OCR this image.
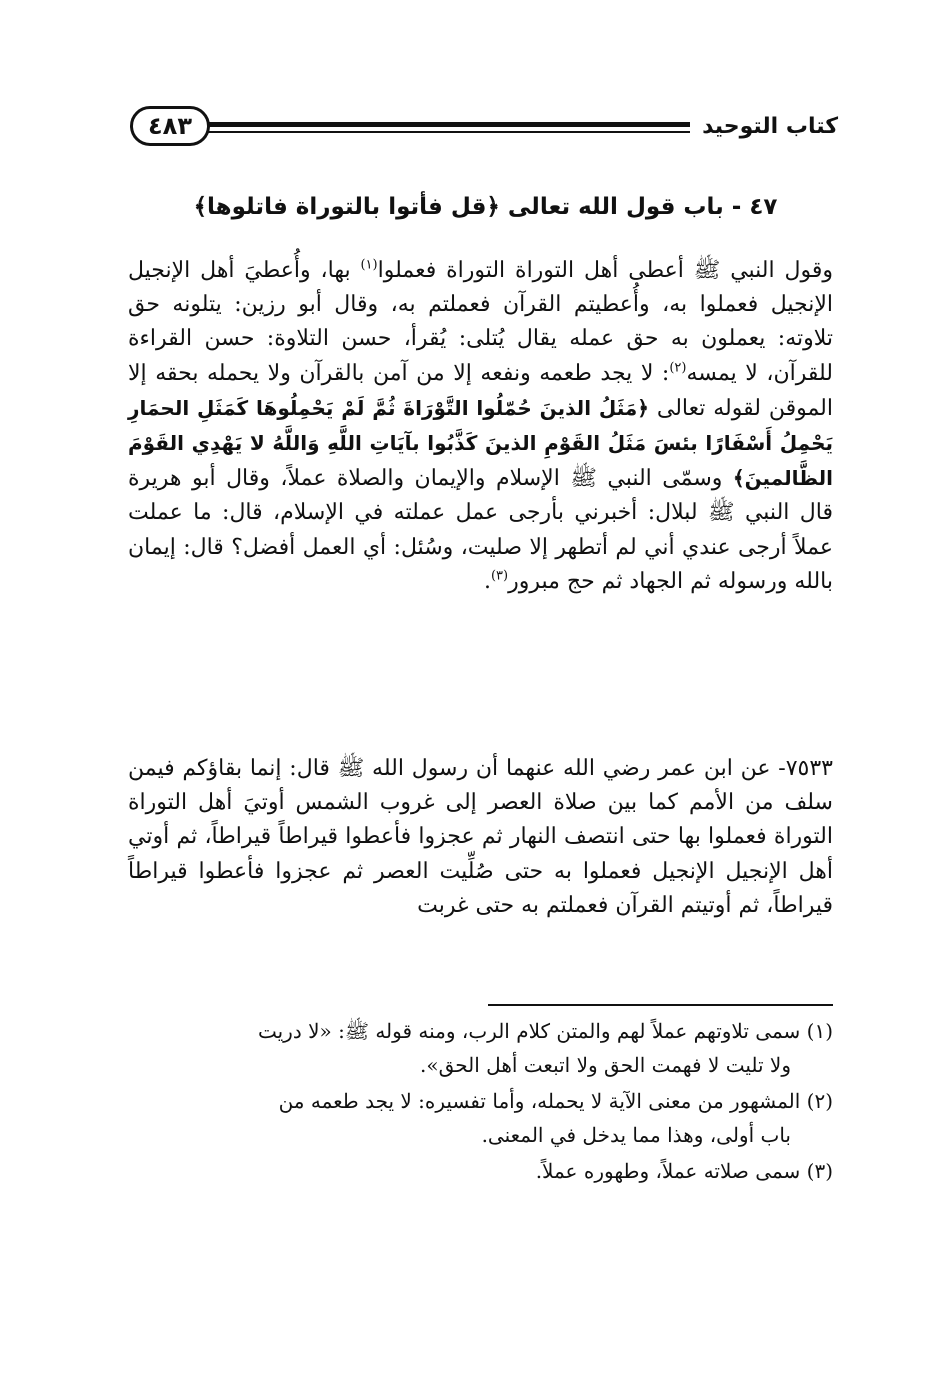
كتاب التوحيد
٤٨٣
٤٧ - باب قول الله تعالى ﴿قل فأتوا بالتوراة فاتلوها﴾

وقول النبي ﷺ أعطى أهل التوراة التوراة فعملوا$^{(١)}$ بها، وأُعطيَ أهل الإنجيل الإنجيل فعملوا به، وأُعطيتم القرآن فعملتم به، وقال أبو رزين: يتلونه حق تلاوته: يعملون به حق عمله يقال يُتلى: يُقرأ، حسن التلاوة: حسن القراءة للقرآن، لا يمسه$^{(٢)}$: لا يجد طعمه ونفعه إلا من آمن بالقرآن ولا يحمله بحقه إلا الموقن لقوله تعالى ﴿مَثَلُ الذينَ حُمّلُوا التَّوْرَاةَ ثُمَّ لَمْ يَحْمِلُوهَا كَمَثَلِ الحمَارِ يَحْمِلُ أَسْفَارًا بئسَ مَثَلُ القَوْمِ الذينَ كَذَّبُوا بآيَاتِ اللَّهِ وَاللَّهُ لا يَهْدِي القَوْمَ الظَّالمينَ﴾ وسمّى النبي ﷺ الإسلام والإيمان والصلاة عملاً، وقال أبو هريرة قال النبي ﷺ لبلال: أخبرني بأرجى عمل عملته في الإسلام، قال: ما عملت عملاً أرجى عندي أني لم أتطهر إلا صليت، وسُئل: أي العمل أفضل؟ قال: إيمان بالله ورسوله ثم الجهاد ثم حج مبرور$^{(٣)}$.

٧٥٣٣- عن ابن عمر رضي الله عنهما أن رسول الله ﷺ قال: إنما بقاؤكم فيمن سلف من الأمم كما بين صلاة العصر إلى غروب الشمس أوتيَ أهل التوراة التوراة فعملوا بها حتى انتصف النهار ثم عجزوا فأعطوا قيراطاً قيراطاً، ثم أوتي أهل الإنجيل الإنجيل فعملوا به حتى صُلِّيت العصر ثم عجزوا فأعطوا قيراطاً قيراطاً، ثم أوتيتم القرآن فعملتم به حتى غربت

(١) سمى تلاوتهم عملاً لهم والمتن كلام الرب، ومنه قوله ﷺ: «لا دريت
ولا تليت لا فهمت الحق ولا اتبعت أهل الحق».

(٢) المشهور من معنى الآية لا يحمله، وأما تفسيره: لا يجد طعمه من
باب أولى، وهذا مما يدخل في المعنى.

(٣) سمى صلاته عملاً، وطهوره عملاً.
